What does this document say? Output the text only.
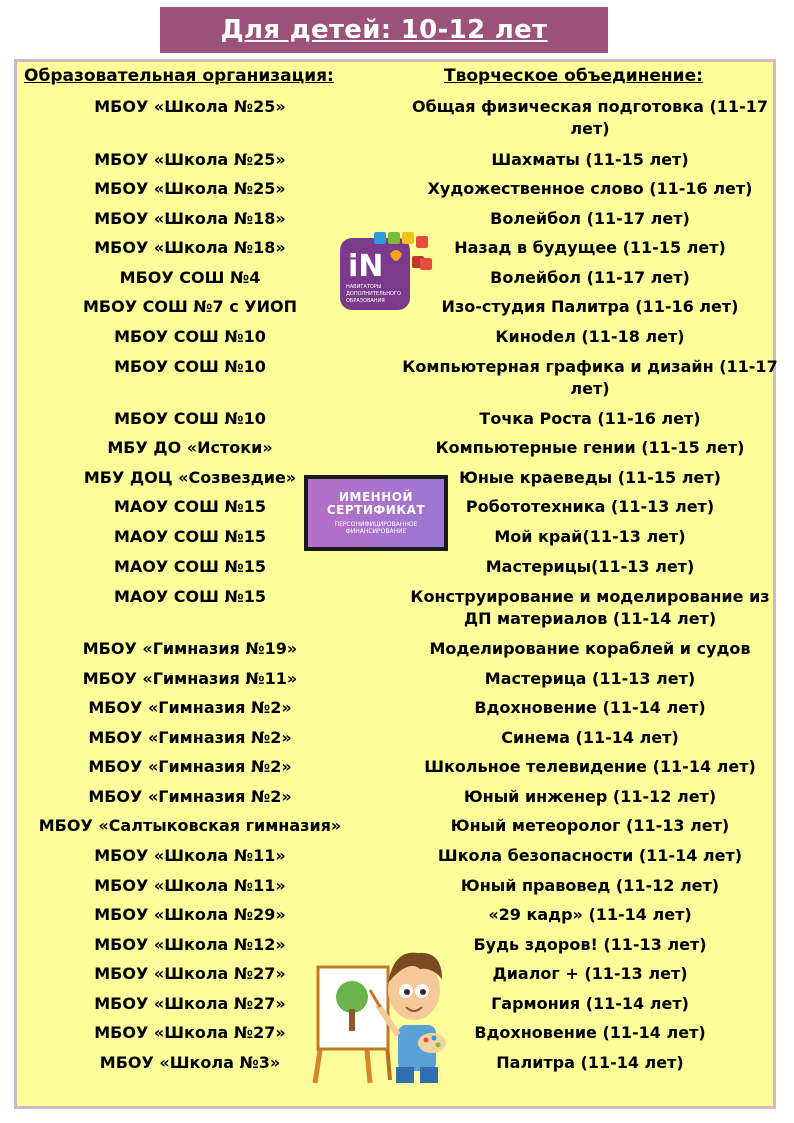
Для детей: 10-12 лет
Образовательная организация:	Творческое объединение:
МБОУ «Школа №25»	Общая физическая подготовка (11-17 лет)
МБОУ «Школа №25»	Шахматы (11-15 лет)
МБОУ «Школа №25»	Художественное слово (11-16 лет)
МБОУ «Школа №18»	Волейбол (11-17 лет)
МБОУ «Школа №18»	Назад в будущее (11-15 лет)
МБОУ СОШ №4	Волейбол (11-17 лет)
МБОУ СОШ №7 с УИОП	Изо-студия Палитра (11-16 лет)
МБОУ СОШ №10	Киноdел (11-18 лет)
МБОУ СОШ №10	Компьютерная графика и дизайн (11-17 лет)
МБОУ СОШ №10	Точка Роста (11-16 лет)
МБУ ДО «Истоки»	Компьютерные гении (11-15 лет)
МБУ ДОЦ «Созвездие»	Юные краеведы (11-15 лет)
МАОУ СОШ №15	Робототехника (11-13 лет)
МАОУ СОШ №15	Мой край(11-13 лет)
МАОУ СОШ №15	Мастерицы(11-13 лет)
МАОУ СОШ №15	Конструирование и моделирование из ДП материалов (11-14 лет)
МБОУ «Гимназия №19»	Моделирование кораблей и судов
МБОУ «Гимназия №11»	Мастерица (11-13 лет)
МБОУ «Гимназия №2»	Вдохновение (11-14 лет)
МБОУ «Гимназия №2»	Синема (11-14 лет)
МБОУ «Гимназия №2»	Школьное телевидение (11-14 лет)
МБОУ «Гимназия №2»	Юный инженер (11-12 лет)
МБОУ «Салтыковская гимназия»	Юный метеоролог (11-13 лет)
МБОУ «Школа №11»	Школа безопасности (11-14 лет)
МБОУ «Школа №11»	Юный правовед (11-12 лет)
МБОУ «Школа №29»	«29 кадр» (11-14 лет)
МБОУ «Школа №12»	Будь здоров! (11-13 лет)
МБОУ «Школа №27»	Диалог + (11-13 лет)
МБОУ «Школа №27»	Гармония (11-14 лет)
МБОУ «Школа №27»	Вдохновение (11-14 лет)
МБОУ «Школа №3»	Палитра (11-14 лет)
iN
НАВИГАТОРЫ
ДОПОЛНИТЕЛЬНОГО
ОБРАЗОВАНИЯ
ИМЕННОЙ СЕРТИФИКАТ
ПЕРСОНИФИЦИРОВАННОЕ ФИНАНСИРОВАНИЕ
